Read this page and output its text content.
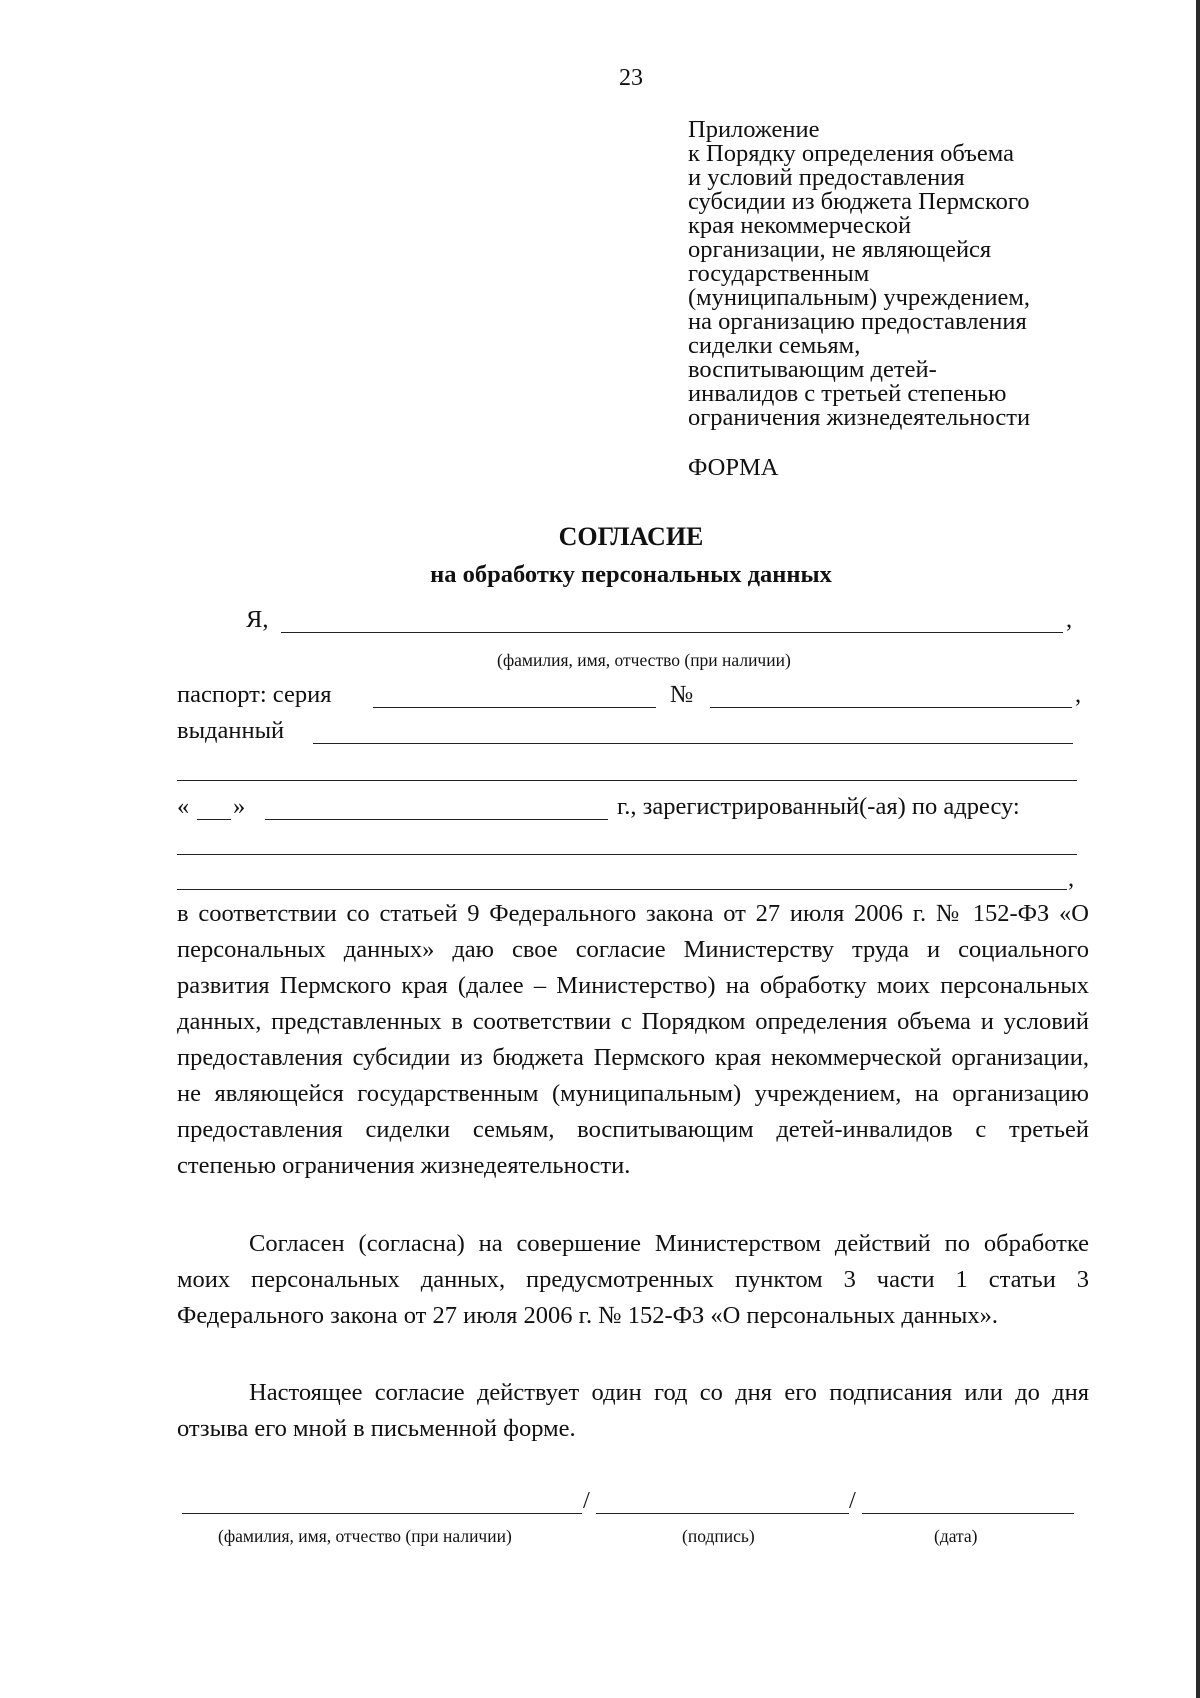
23
Приложение
к Порядку определения объема
и условий предоставления
субсидии из бюджета Пермского
края некоммерческой
организации, не являющейся
государственным
(муниципальным) учреждением,
на организацию предоставления
сиделки семьям,
воспитывающим детей-
инвалидов с третьей степенью
ограничения жизнедеятельности
ФОРМА
СОГЛАСИЕ
на обработку персональных данных
Я,	,
(фамилия, имя, отчество (при наличии)
паспорт: серия	№	,
выданный
« »	г., зарегистрированный(-ая) по адресу:
,

в соответствии со статьей 9 Федерального закона от 27 июля 2006 г. № 152-ФЗ «О персональных данных» даю свое согласие Министерству труда и социального развития Пермского края (далее – Министерство) на обработку моих персональных данных, представленных в соответствии с Порядком определения объема и условий предоставления субсидии из бюджета Пермского края некоммерческой организации, не являющейся государственным (муниципальным) учреждением, на организацию предоставления сиделки семьям, воспитывающим детей-инвалидов с третьей степенью ограничения жизнедеятельности.

Согласен (согласна) на совершение Министерством действий по обработке моих персональных данных, предусмотренных пунктом 3 части 1 статьи 3 Федерального закона от 27 июля 2006 г. № 152-ФЗ «О персональных данных».
Настоящее согласие действует один год со дня его подписания или до дня отзыва его мной в письменной форме.
/	/
(фамилия, имя, отчество (при наличии)	(подпись)	(дата)
